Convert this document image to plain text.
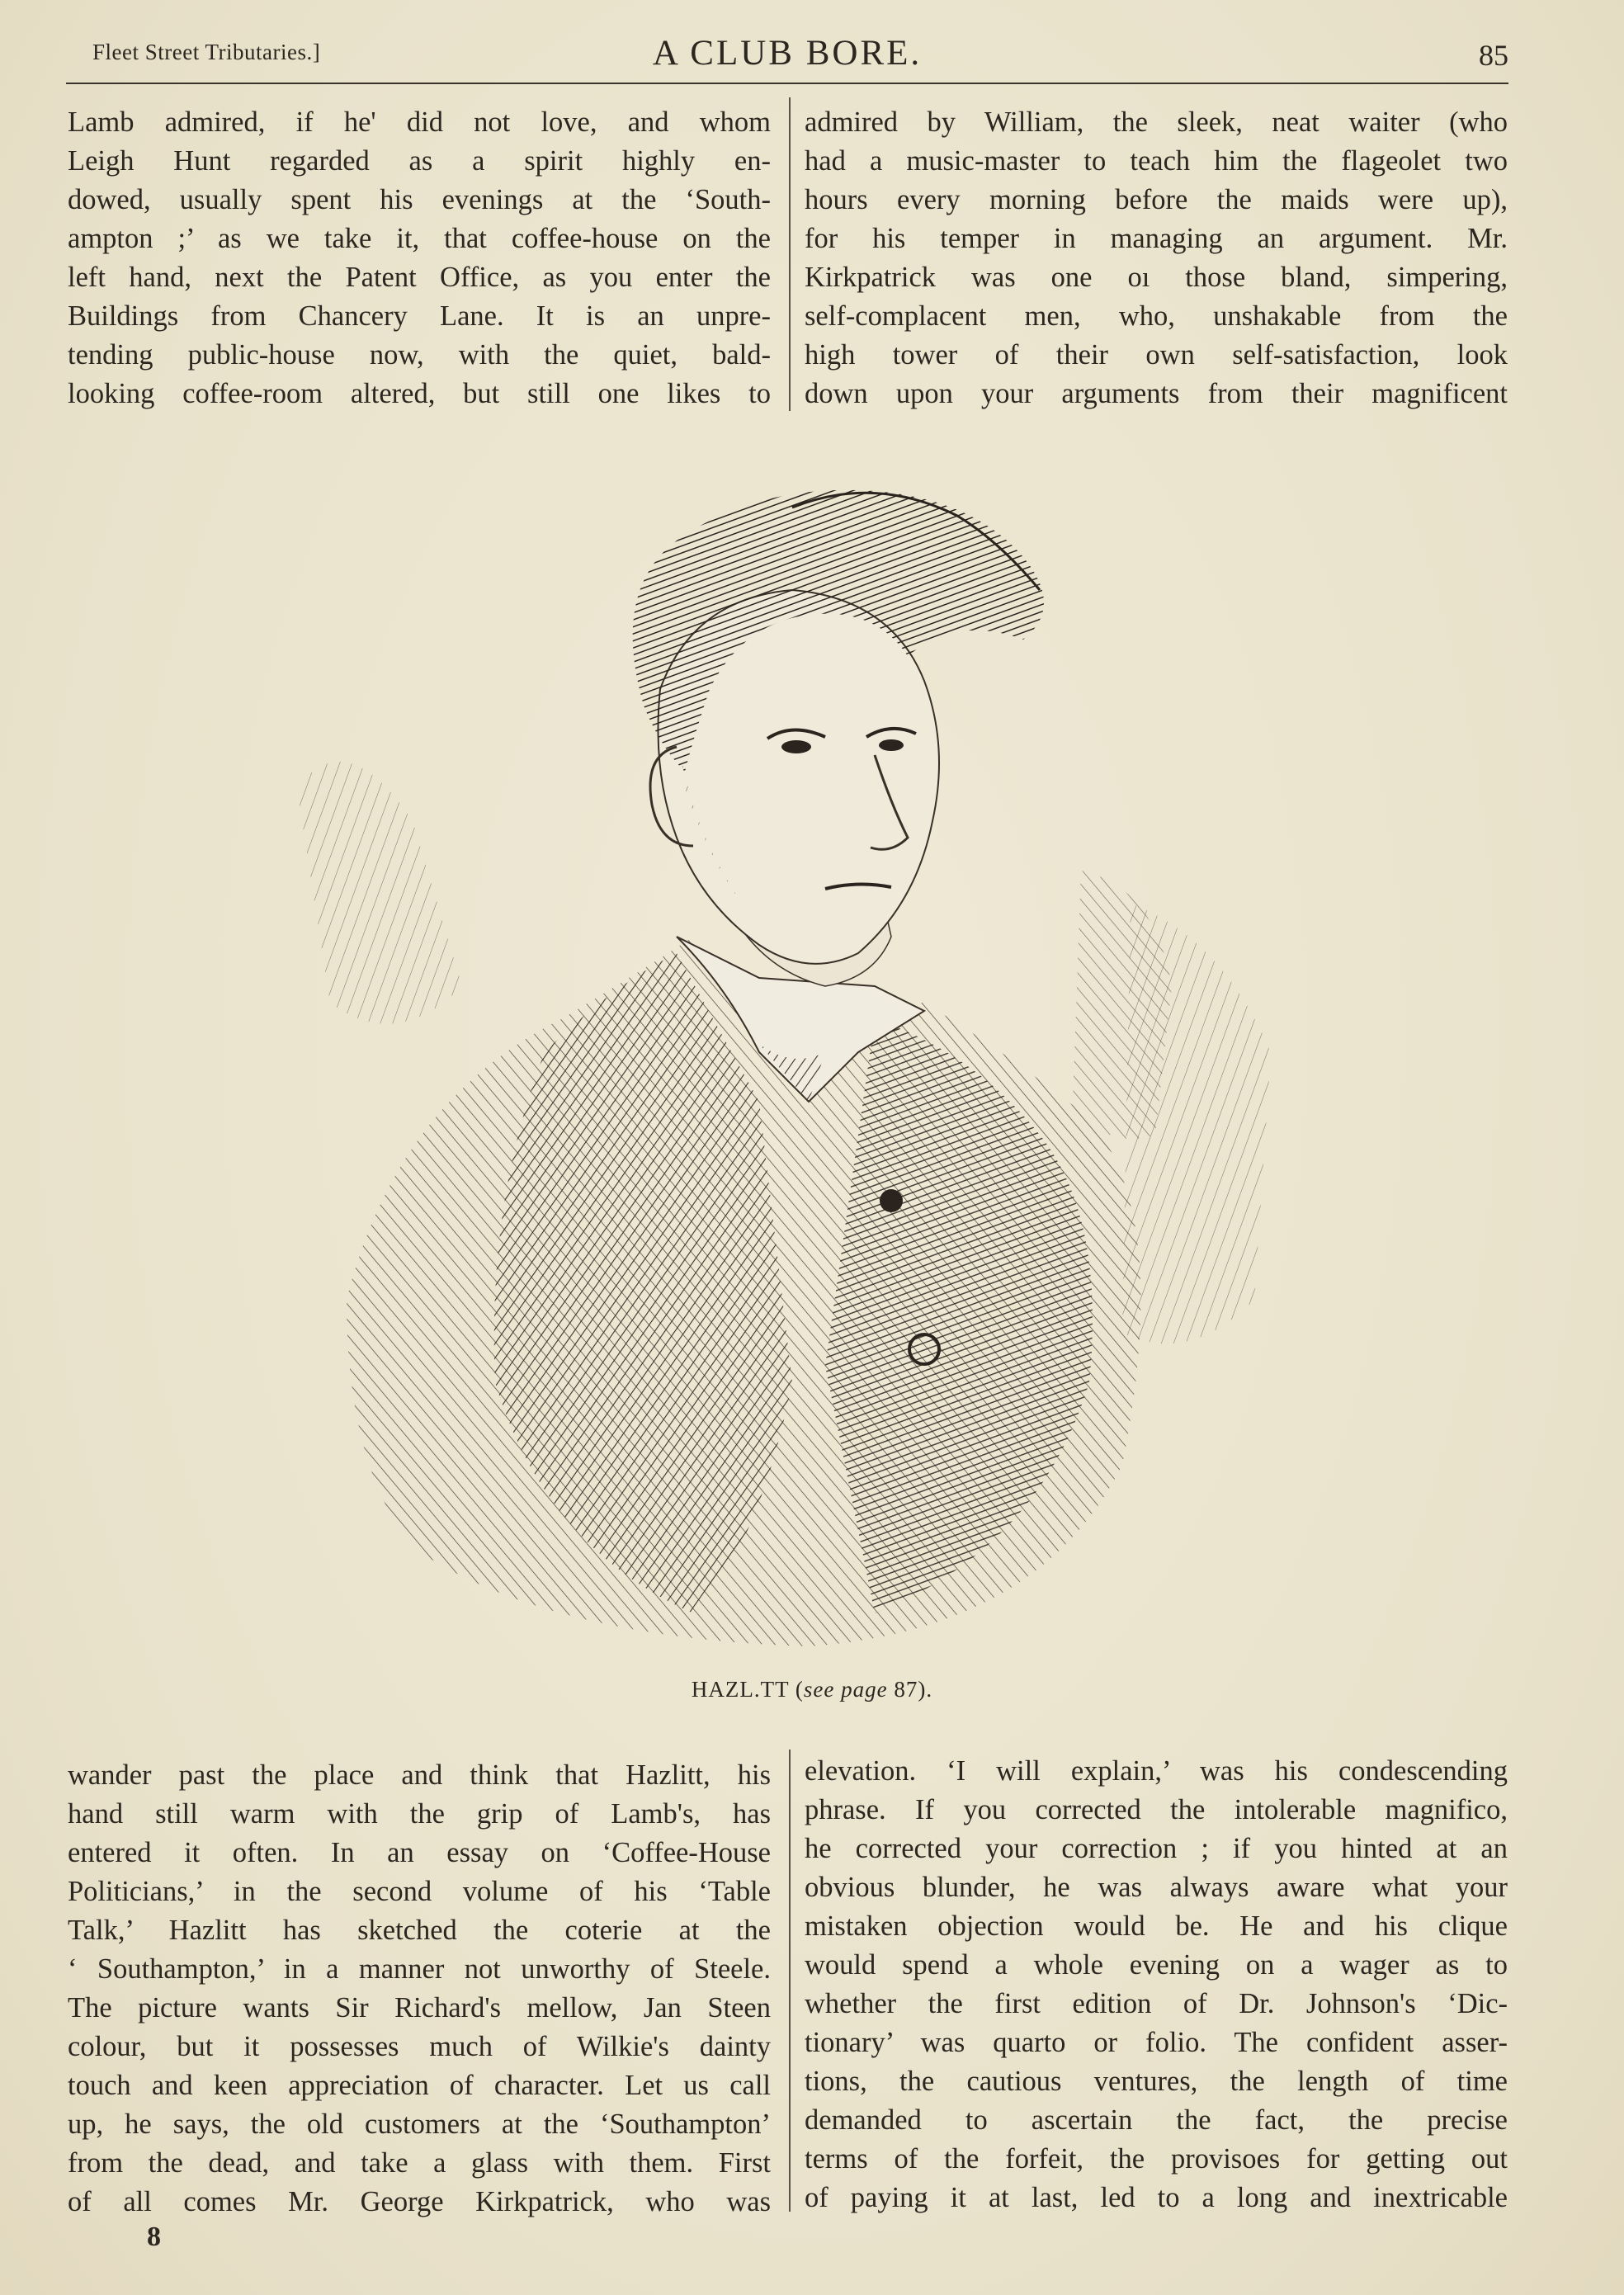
Fleet Street Tributaries.]	A CLUB BORE.	85

Lamb admired, if he' did not love, and whom

Leigh Hunt regarded as a spirit highly en-

dowed, usually spent his evenings at the ‘South-

ampton ;’ as we take it, that coffee-house on the

left hand, next the Patent Office, as you enter the

Buildings from Chancery Lane. It is an unpre-

tending public-house now, with the quiet, bald-

looking coffee-room altered, but still one likes to

admired by William, the sleek, neat waiter (who

had a music-master to teach him the flageolet two

hours every morning before the maids were up),

for his temper in managing an argument. Mr.

Kirkpatrick was one oı those bland, simpering,

self-complacent men, who, unshakable from the

high tower of their own self-satisfaction, look

down upon your arguments from their magnificent

HAZL.TT (see page 87).

wander past the place and think that Hazlitt, his

hand still warm with the grip of Lamb's, has

entered it often. In an essay on ‘Coffee-House

Politicians,’ in the second volume of his ‘Table

Talk,’ Hazlitt has sketched the coterie at the

‘ Southampton,’ in a manner not unworthy of Steele.

The picture wants Sir Richard's mellow, Jan Steen

colour, but it possesses much of Wilkie's dainty

touch and keen appreciation of character. Let us call

up, he says, the old customers at the ‘Southampton’

from the dead, and take a glass with them. First

of all comes Mr. George Kirkpatrick, who was

elevation. ‘I will explain,’ was his condescending

phrase. If you corrected the intolerable magnifico,

he corrected your correction ; if you hinted at an

obvious blunder, he was always aware what your

mistaken objection would be. He and his clique

would spend a whole evening on a wager as to

whether the first edition of Dr. Johnson's ‘Dic-

tionary’ was quarto or folio. The confident asser-

tions, the cautious ventures, the length of time

demanded to ascertain the fact, the precise

terms of the forfeit, the provisoes for getting out

of paying it at last, led to a long and inextricable

8
